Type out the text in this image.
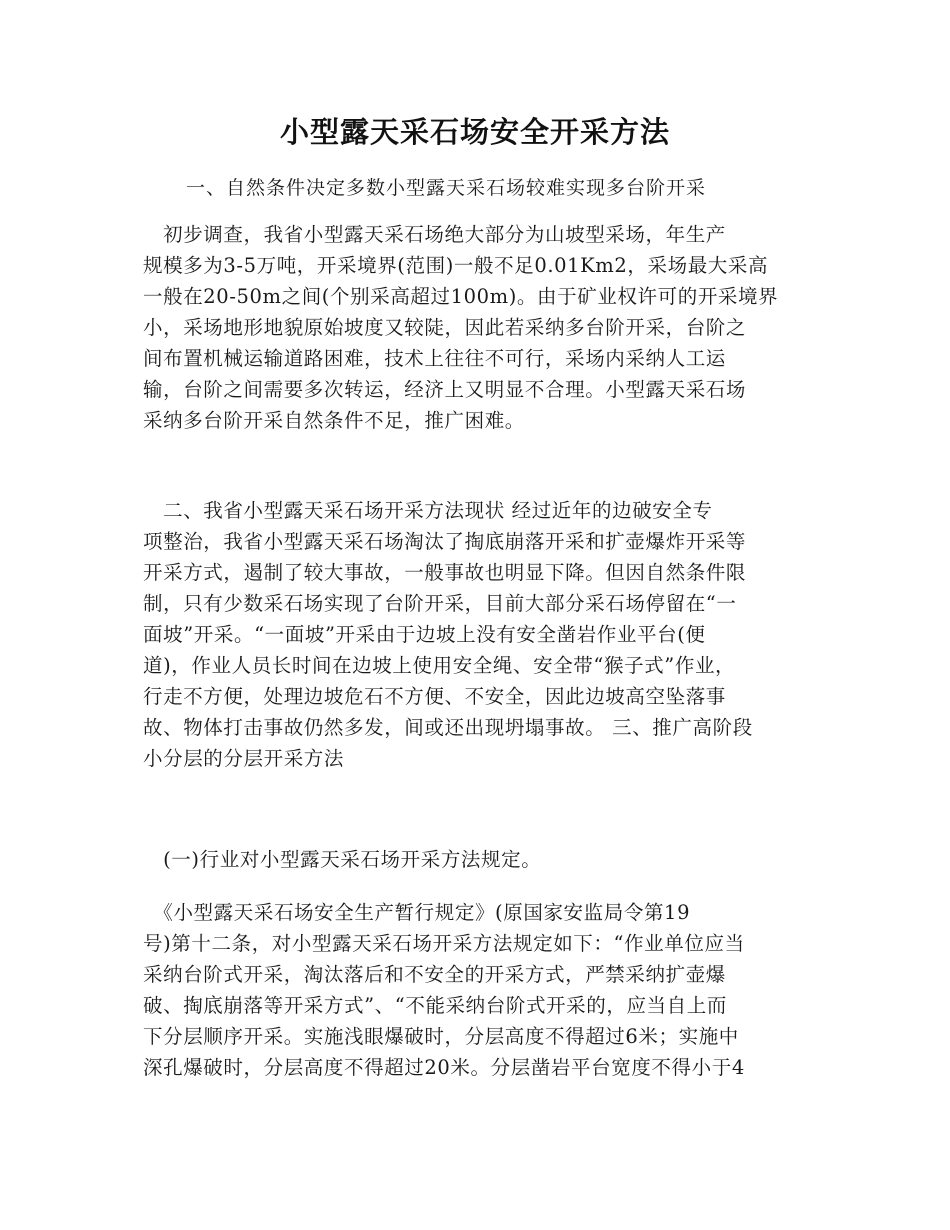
小型露天采石场安全开采方法
一、自然条件决定多数小型露天采石场较难实现多台阶开采
　初步调查，我省小型露天采石场绝大部分为山坡型采场，年生产
规模多为3-5万吨，开采境界(范围)一般不足0.01Km2，采场最大采高
一般在20-50m之间(个别采高超过100m)。由于矿业权许可的开采境界
小，采场地形地貌原始坡度又较陡，因此若采纳多台阶开采，台阶之
间布置机械运输道路困难，技术上往往不可行，采场内采纳人工运
输，台阶之间需要多次转运，经济上又明显不合理。小型露天采石场
采纳多台阶开采自然条件不足，推广困难。
　二、我省小型露天采石场开采方法现状 经过近年的边破安全专
项整治，我省小型露天采石场淘汰了掏底崩落开采和扩壶爆炸开采等
开采方式，遏制了较大事故，一般事故也明显下降。但因自然条件限
制，只有少数采石场实现了台阶开采，目前大部分采石场停留在“一
面坡”开采。“一面坡”开采由于边坡上没有安全凿岩作业平台(便
道)，作业人员长时间在边坡上使用安全绳、安全带“猴子式”作业，
行走不方便，处理边坡危石不方便、不安全，因此边坡高空坠落事
故、物体打击事故仍然多发，间或还出现坍塌事故。 三、推广高阶段
小分层的分层开采方法
　(一)行业对小型露天采石场开采方法规定。
　《小型露天采石场安全生产暂行规定》(原国家安监局令第19
号)第十二条，对小型露天采石场开采方法规定如下：“作业单位应当
采纳台阶式开采，淘汰落后和不安全的开采方式，严禁采纳扩壶爆
破、掏底崩落等开采方式”、“不能采纳台阶式开采的，应当自上而
下分层顺序开采。实施浅眼爆破时，分层高度不得超过6米；实施中
深孔爆破时，分层高度不得超过20米。分层凿岩平台宽度不得小于4
